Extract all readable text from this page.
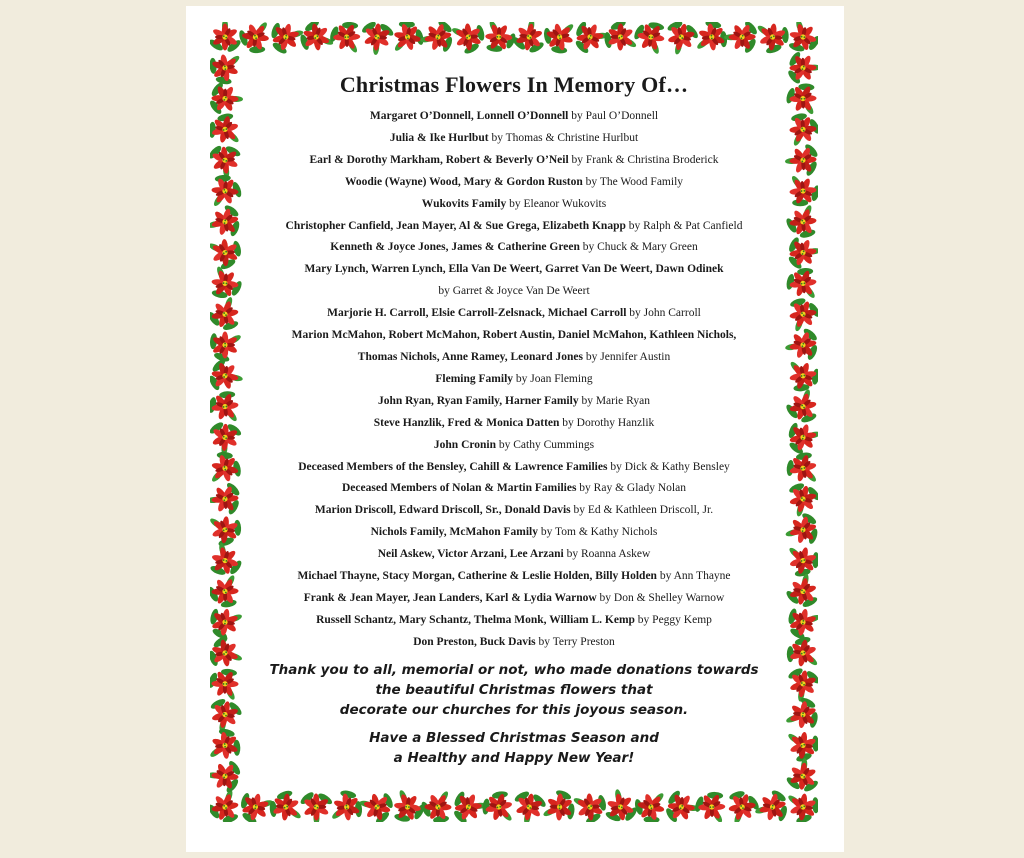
Christmas Flowers In Memory Of…

Margaret O’Donnell, Lonnell O’Donnell by Paul O’Donnell

Julia & Ike Hurlbut by Thomas & Christine Hurlbut

Earl & Dorothy Markham, Robert & Beverly O’Neil by Frank & Christina Broderick

Woodie (Wayne) Wood, Mary & Gordon Ruston by The Wood Family

Wukovits Family by Eleanor Wukovits

Christopher Canfield, Jean Mayer, Al & Sue Grega, Elizabeth Knapp by Ralph & Pat Canfield

Kenneth & Joyce Jones, James & Catherine Green by Chuck & Mary Green

Mary Lynch, Warren Lynch, Ella Van De Weert, Garret Van De Weert, Dawn Odinek

by Garret & Joyce Van De Weert

Marjorie H. Carroll, Elsie Carroll-Zelsnack, Michael Carroll by John Carroll

Marion McMahon, Robert McMahon, Robert Austin, Daniel McMahon, Kathleen Nichols,

Thomas Nichols, Anne Ramey, Leonard Jones by Jennifer Austin

Fleming Family by Joan Fleming

John Ryan, Ryan Family, Harner Family by Marie Ryan

Steve Hanzlik, Fred & Monica Datten by Dorothy Hanzlik

John Cronin by Cathy Cummings

Deceased Members of the Bensley, Cahill & Lawrence Families by Dick & Kathy Bensley

Deceased Members of Nolan & Martin Families by Ray & Glady Nolan

Marion Driscoll, Edward Driscoll, Sr., Donald Davis by Ed & Kathleen Driscoll, Jr.

Nichols Family, McMahon Family by Tom & Kathy Nichols

Neil Askew, Victor Arzani, Lee Arzani by Roanna Askew

Michael Thayne, Stacy Morgan, Catherine & Leslie Holden, Billy Holden by Ann Thayne

Frank & Jean Mayer, Jean Landers, Karl & Lydia Warnow by Don & Shelley Warnow

Russell Schantz, Mary Schantz, Thelma Monk, William L. Kemp by Peggy Kemp

Don Preston, Buck Davis by Terry Preston

Thank you to all, memorial or not, who made donations towards

the beautiful Christmas flowers that

decorate our churches for this joyous season.

Have a Blessed Christmas Season and

a Healthy and Happy New Year!
